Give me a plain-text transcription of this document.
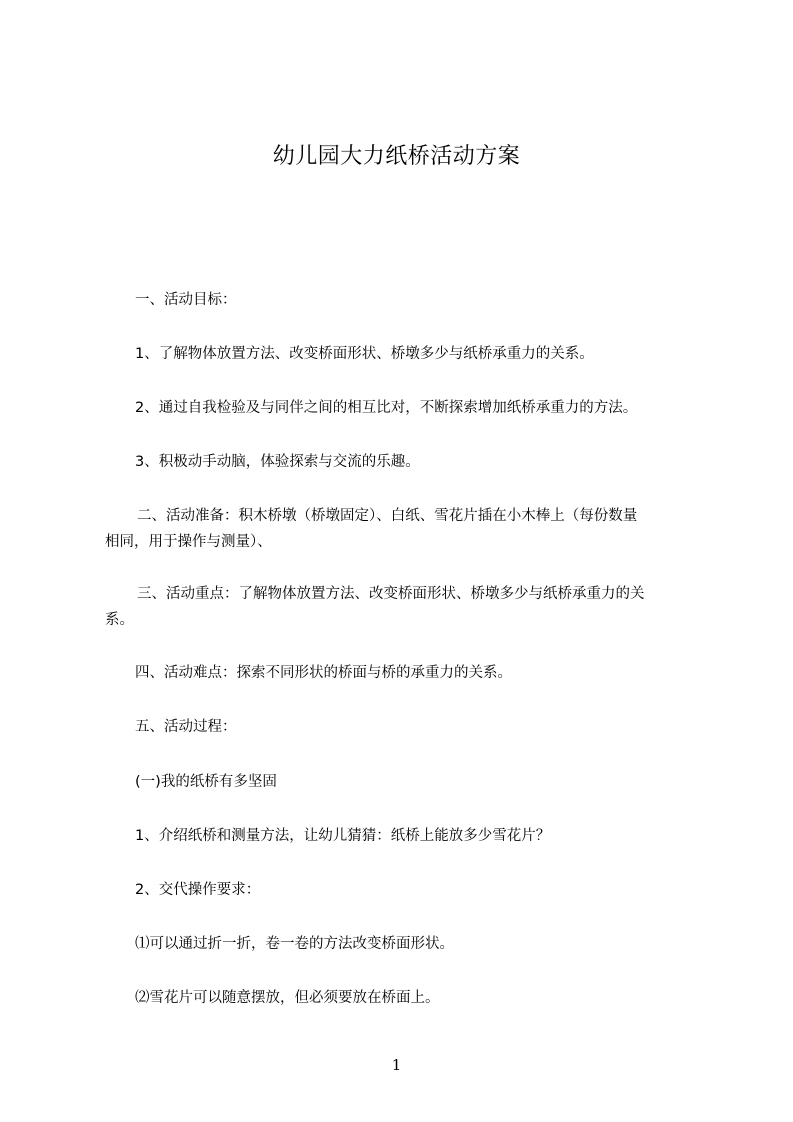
幼儿园大力纸桥活动方案

一、活动目标：

1、了解物体放置方法、改变桥面形状、桥墩多少与纸桥承重力的关系。

2、通过自我检验及与同伴之间的相互比对，不断探索增加纸桥承重力的方法。

3、积极动手动脑，体验探索与交流的乐趣。

二、活动准备：积木桥墩（桥墩固定）、白纸、雪花片插在小木棒上（每份数量
相同，用于操作与测量）、
三、活动重点：了解物体放置方法、改变桥面形状、桥墩多少与纸桥承重力的关
系。

四、活动难点：探索不同形状的桥面与桥的承重力的关系。

五、活动过程：

(一)我的纸桥有多坚固

1、介绍纸桥和测量方法，让幼儿猜猜：纸桥上能放多少雪花片？

2、交代操作要求：

⑴可以通过折一折，卷一卷的方法改变桥面形状。

⑵雪花片可以随意摆放，但必须要放在桥面上。

1
